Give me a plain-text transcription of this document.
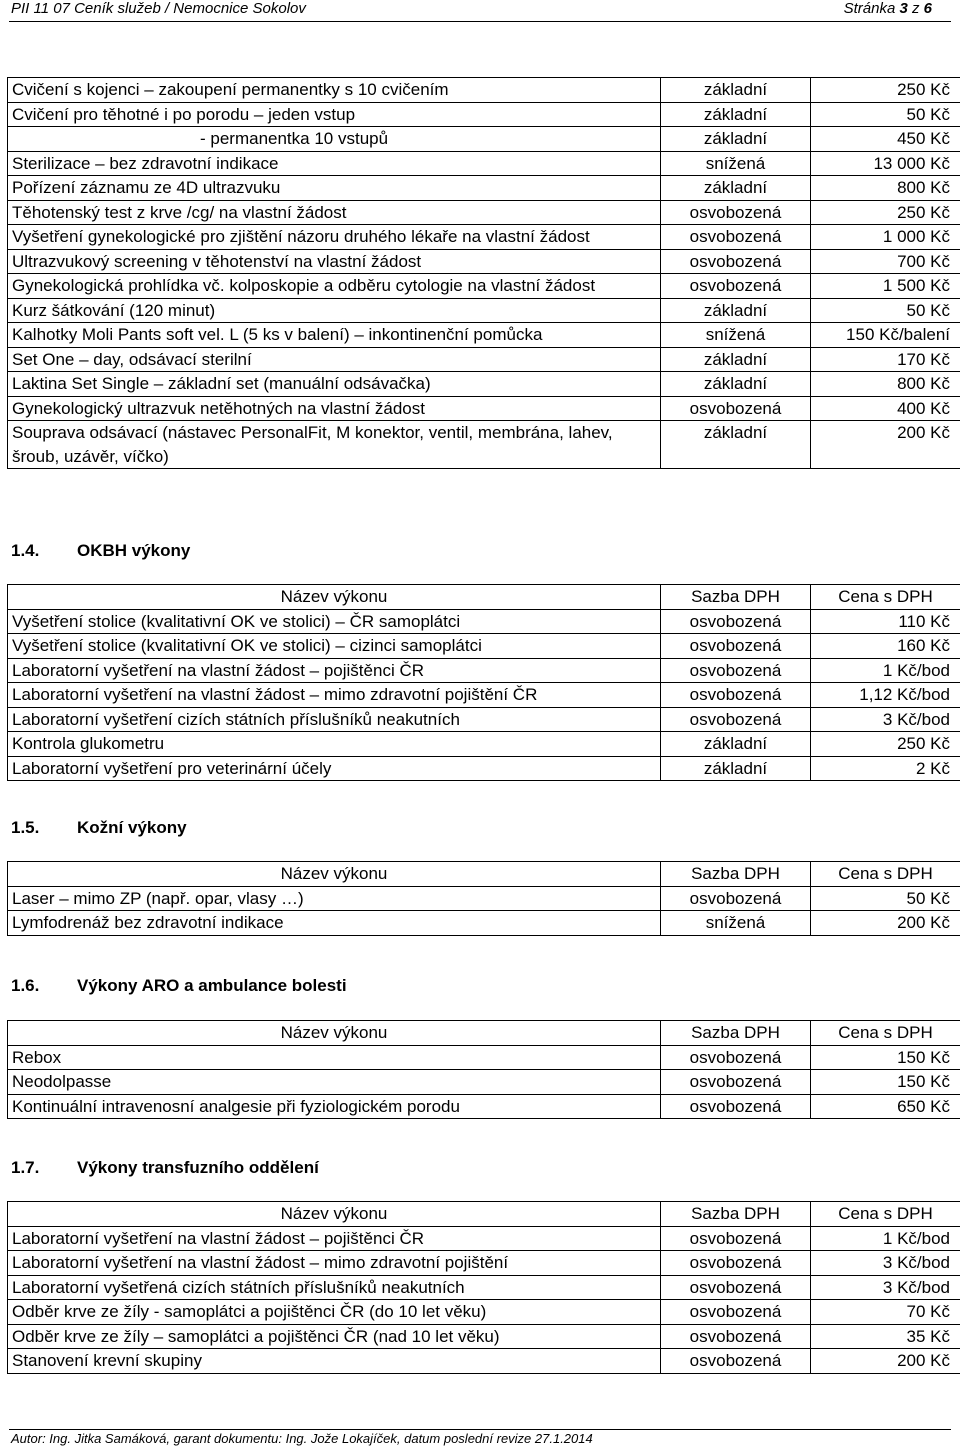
PII 11 07 Ceník služeb / Nemocnice Sokolov	Stránka 3 z 6
Cvičení s kojenci – zakoupení permanentky s 10 cvičením	základní	250 Kč
Cvičení pro těhotné i po porodu – jeden vstup	základní	50 Kč

- permanentka 10 vstupů	základní	450 Kč
Sterilizace – bez zdravotní indikace	snížená	13 000 Kč
Pořízení záznamu ze 4D ultrazvuku	základní	800 Kč
Těhotenský test z krve /cg/ na vlastní žádost	osvobozená	250 Kč
Vyšetření gynekologické pro zjištění názoru druhého lékaře na vlastní žádost	osvobozená	1 000 Kč
Ultrazvukový screening v těhotenství na vlastní žádost	osvobozená	700 Kč
Gynekologická prohlídka vč. kolposkopie a odběru cytologie na vlastní žádost	osvobozená	1 500 Kč
Kurz šátkování (120 minut)	základní	50 Kč
Kalhotky Moli Pants soft vel. L (5 ks v balení) – inkontinenční pomůcka	snížená	150 Kč/balení
Set One – day, odsávací sterilní	základní	170 Kč
Laktina Set Single – základní set (manuální odsávačka)	základní	800 Kč
Gynekologický ultrazvuk netěhotných na vlastní žádost	osvobozená	400 Kč
Souprava odsávací (nástavec PersonalFit, M konektor, ventil, membrána, lahev, šroub, uzávěr, víčko)	základní	200 Kč
1.4. OKBH výkony
Název výkonu	Sazba DPH	Cena s DPH
Vyšetření stolice (kvalitativní OK ve stolici) – ČR samoplátci	osvobozená	110 Kč
Vyšetření stolice (kvalitativní OK ve stolici) – cizinci samoplátci	osvobozená	160 Kč
Laboratorní vyšetření na vlastní žádost – pojištěnci ČR	osvobozená	1 Kč/bod
Laboratorní vyšetření na vlastní žádost – mimo zdravotní pojištění ČR	osvobozená	1,12 Kč/bod
Laboratorní vyšetření cizích státních příslušníků neakutních	osvobozená	3 Kč/bod
Kontrola glukometru	základní	250 Kč
Laboratorní vyšetření pro veterinární účely	základní	2 Kč
1.5. Kožní výkony
Název výkonu	Sazba DPH	Cena s DPH
Laser – mimo ZP (např. opar, vlasy …)	osvobozená	50 Kč
Lymfodrenáž bez zdravotní indikace	snížená	200 Kč
1.6. Výkony ARO a ambulance bolesti
Název výkonu	Sazba DPH	Cena s DPH
Rebox	osvobozená	150 Kč
Neodolpasse	osvobozená	150 Kč
Kontinuální intravenosní analgesie při fyziologickém porodu	osvobozená	650 Kč
1.7. Výkony transfuzního oddělení
Název výkonu	Sazba DPH	Cena s DPH
Laboratorní vyšetření na vlastní žádost – pojištěnci ČR	osvobozená	1 Kč/bod
Laboratorní vyšetření na vlastní žádost – mimo zdravotní pojištění	osvobozená	3 Kč/bod
Laboratorní vyšetřená cizích státních příslušníků neakutních	osvobozená	3 Kč/bod
Odběr krve ze žíly - samoplátci a pojištěnci ČR (do 10 let věku)	osvobozená	70 Kč
Odběr krve ze žíly – samoplátci a pojištěnci ČR (nad 10 let věku)	osvobozená	35 Kč
Stanovení krevní skupiny	osvobozená	200 Kč
Autor: Ing. Jitka Samáková, garant dokumentu: Ing. Jože Lokajíček, datum poslední revize 27.1.2014
